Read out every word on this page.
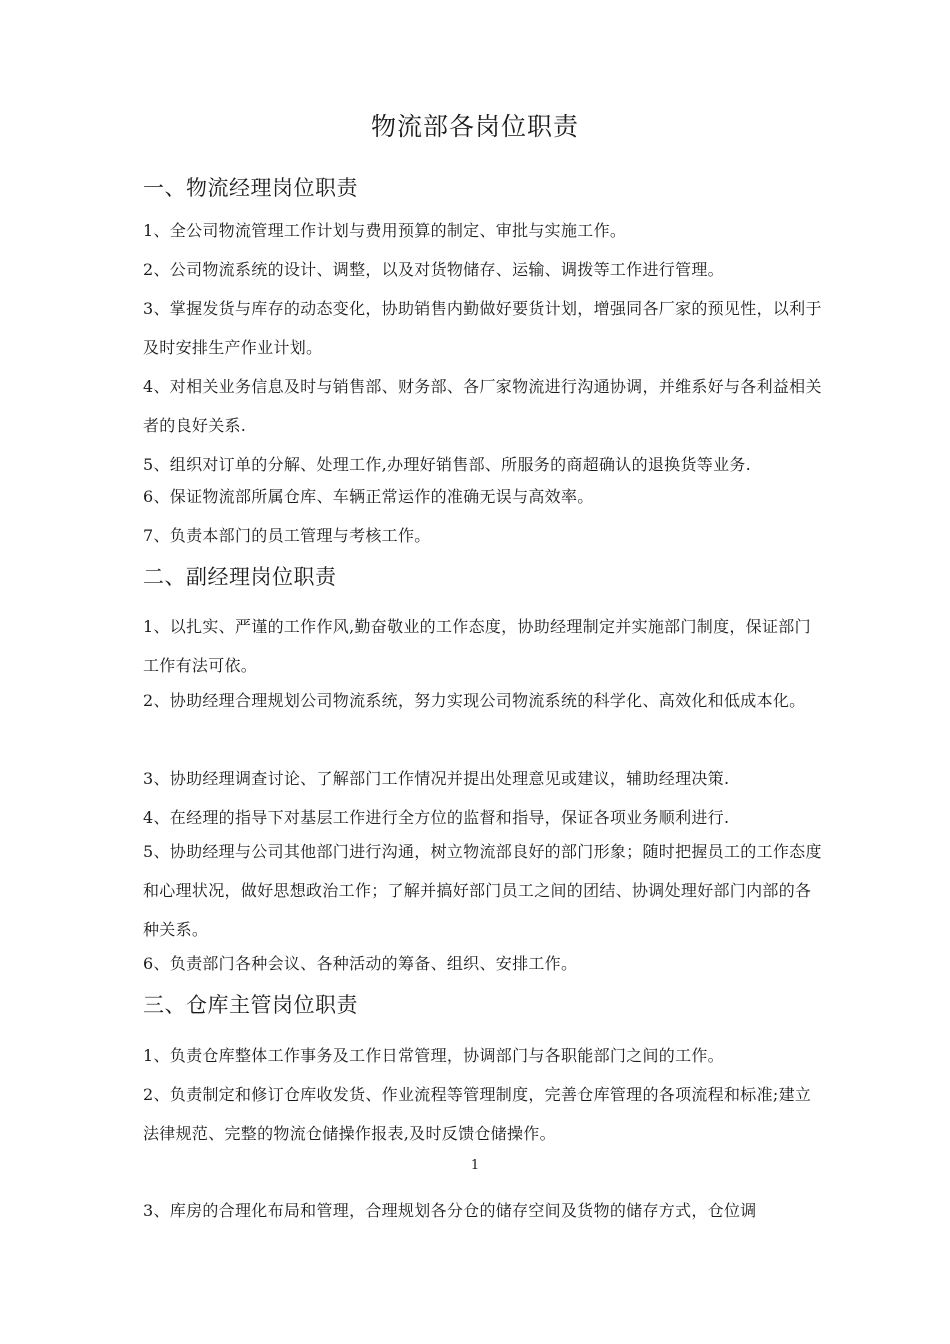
物流部各岗位职责
一、物流经理岗位职责
1、全公司物流管理工作计划与费用预算的制定、审批与实施工作。
2、公司物流系统的设计、调整，以及对货物储存、运输、调拨等工作进行管理。
3、掌握发货与库存的动态变化，协助销售内勤做好要货计划，增强同各厂家的预见性，以利于及时安排生产作业计划。
4、对相关业务信息及时与销售部、财务部、各厂家物流进行沟通协调，并维系好与各利益相关者的良好关系.
5、组织对订单的分解、处理工作,办理好销售部、所服务的商超确认的退换货等业务.
6、保证物流部所属仓库、车辆正常运作的准确无误与高效率。
7、负责本部门的员工管理与考核工作。
二、副经理岗位职责
1、以扎实、严谨的工作作风,勤奋敬业的工作态度，协助经理制定并实施部门制度，保证部门工作有法可依。
2、协助经理合理规划公司物流系统，努力实现公司物流系统的科学化、高效化和低成本化。
3、协助经理调查讨论、了解部门工作情况并提出处理意见或建议，辅助经理决策.
4、在经理的指导下对基层工作进行全方位的监督和指导，保证各项业务顺利进行.
5、协助经理与公司其他部门进行沟通，树立物流部良好的部门形象；随时把握员工的工作态度和心理状况，做好思想政治工作；了解并搞好部门员工之间的团结、协调处理好部门内部的各种关系。
6、负责部门各种会议、各种活动的筹备、组织、安排工作。
三、仓库主管岗位职责
1、负责仓库整体工作事务及工作日常管理，协调部门与各职能部门之间的工作。
2、负责制定和修订仓库收发货、作业流程等管理制度，完善仓库管理的各项流程和标准;建立法律规范、完整的物流仓储操作报表,及时反馈仓储操作。
1
3、库房的合理化布局和管理，合理规划各分仓的储存空间及货物的储存方式，仓位调
